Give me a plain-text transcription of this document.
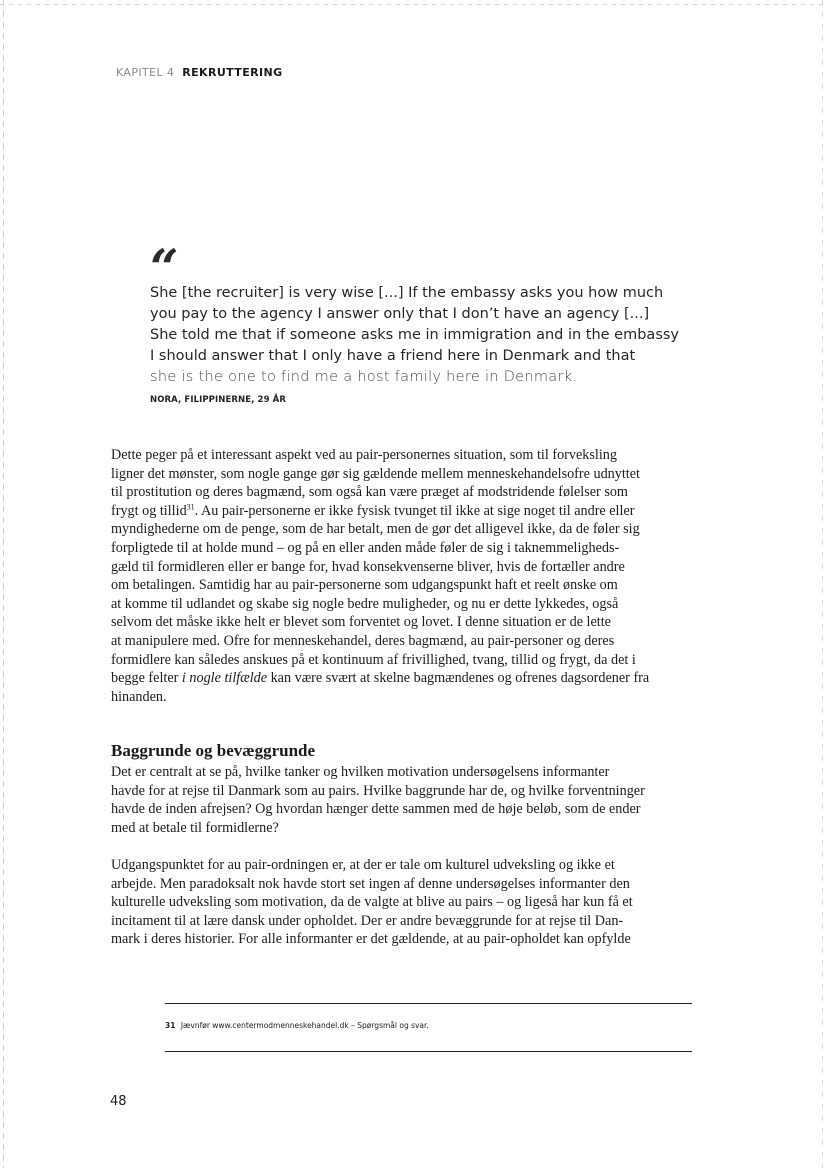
KAPITEL 4 REKRUTTERING
“
She [the recruiter] is very wise [...] If the embassy asks you how much
you pay to the agency I answer only that I don’t have an agency [...]
She told me that if someone asks me in immigration and in the embassy
I should answer that I only have a friend here in Denmark and that
she is the one to find me a host family here in Denmark.
NORA, FILIPPINERNE, 29 ÅR
Dette peger på et interessant aspekt ved au pair-personernes situation, som til forveksling
ligner det mønster, som nogle gange gør sig gældende mellem menneskehandelsofre udnyttet
til prostitution og deres bagmænd, som også kan være præget af modstridende følelser som
frygt og tillid$^{31}$. Au pair-personerne er ikke fysisk tvunget til ikke at sige noget til andre eller
myndighederne om de penge, som de har betalt, men de gør det alligevel ikke, da de føler sig
forpligtede til at holde mund – og på en eller anden måde føler de sig i taknemmeligheds-
gæld til formidleren eller er bange for, hvad konsekvenserne bliver, hvis de fortæller andre
om betalingen. Samtidig har au pair-personerne som udgangspunkt haft et reelt ønske om
at komme til udlandet og skabe sig nogle bedre muligheder, og nu er dette lykkedes, også
selvom det måske ikke helt er blevet som forventet og lovet. I denne situation er de lette
at manipulere med. Ofre for menneskehandel, deres bagmænd, au pair-personer og deres
formidlere kan således anskues på et kontinuum af frivillighed, tvang, tillid og frygt, da det i
begge felter i nogle tilfælde kan være svært at skelne bagmændenes og ofrenes dagsordener fra
hinanden.
Baggrunde og bevæggrunde
Det er centralt at se på, hvilke tanker og hvilken motivation undersøgelsens informanter
havde for at rejse til Danmark som au pairs. Hvilke baggrunde har de, og hvilke forventninger
havde de inden afrejsen? Og hvordan hænger dette sammen med de høje beløb, som de ender
med at betale til formidlerne?
Udgangspunktet for au pair-ordningen er, at der er tale om kulturel udveksling og ikke et
arbejde. Men paradoksalt nok havde stort set ingen af denne undersøgelses informanter den
kulturelle udveksling som motivation, da de valgte at blive au pairs – og ligeså har kun få et
incitament til at lære dansk under opholdet. Der er andre bevæggrunde for at rejse til Dan-
mark i deres historier. For alle informanter er det gældende, at au pair-opholdet kan opfylde
31 Jævnfør www.centermodmenneskehandel.dk – Spørgsmål og svar.
48
